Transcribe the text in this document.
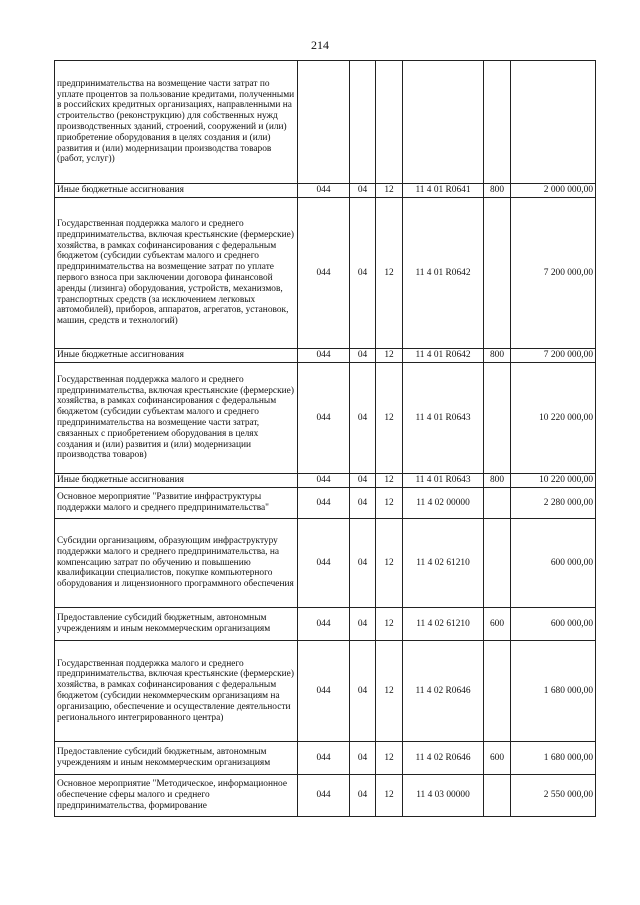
214
предпринимательства на возмещение части затрат по уплате процентов за пользование кредитами, полученными в российских кредитных организациях, направленными на строительство (реконструкцию) для собственных нужд производственных зданий, строений, сооружений и (или) приобретение оборудования в целях создания и (или) развития и (или) модернизации производства товаров (работ, услуг))						
Иные бюджетные ассигнования	044	04	12	11 4 01 R0641	800	2 000 000,00
Государственная поддержка малого и среднего предпринимательства, включая крестьянские (фермерские) хозяйства, в рамках софинансирования с федеральным бюджетом (субсидии субъектам малого и среднего предпринимательства на возмещение затрат по уплате первого взноса при заключении договора финансовой аренды (лизинга) оборудования, устройств, механизмов, транспортных средств (за исключением легковых автомобилей), приборов, аппаратов, агрегатов, установок, машин, средств и технологий)	044	04	12	11 4 01 R0642		7 200 000,00
Иные бюджетные ассигнования	044	04	12	11 4 01 R0642	800	7 200 000,00
Государственная поддержка малого и среднего предпринимательства, включая крестьянские (фермерские) хозяйства, в рамках софинансирования с федеральным бюджетом (субсидии субъектам малого и среднего предпринимательства на возмещение части затрат, связанных с приобретением оборудования в целях создания и (или) развития и (или) модернизации производства товаров)	044	04	12	11 4 01 R0643		10 220 000,00
Иные бюджетные ассигнования	044	04	12	11 4 01 R0643	800	10 220 000,00
Основное мероприятие "Развитие инфраструктуры поддержки малого и среднего предпринимательства"	044	04	12	11 4 02 00000		2 280 000,00
Субсидии организациям, образующим инфраструктуру поддержки малого и среднего предпринимательства, на компенсацию затрат по обучению и повышению квалификации специалистов, покупке компьютерного оборудования и лицензионного программного обеспечения	044	04	12	11 4 02 61210		600 000,00
Предоставление субсидий бюджетным, автономным учреждениям и иным некоммерческим организациям	044	04	12	11 4 02 61210	600	600 000,00
Государственная поддержка малого и среднего предпринимательства, включая крестьянские (фермерские) хозяйства, в рамках софинансирования с федеральным бюджетом (субсидии некоммерческим организациям на организацию, обеспечение и осуществление деятельности регионального интегрированного центра)	044	04	12	11 4 02 R0646		1 680 000,00
Предоставление субсидий бюджетным, автономным учреждениям и иным некоммерческим организациям	044	04	12	11 4 02 R0646	600	1 680 000,00
Основное мероприятие "Методическое, информационное обеспечение сферы малого и среднего предпринимательства, формирование	044	04	12	11 4 03 00000		2 550 000,00
